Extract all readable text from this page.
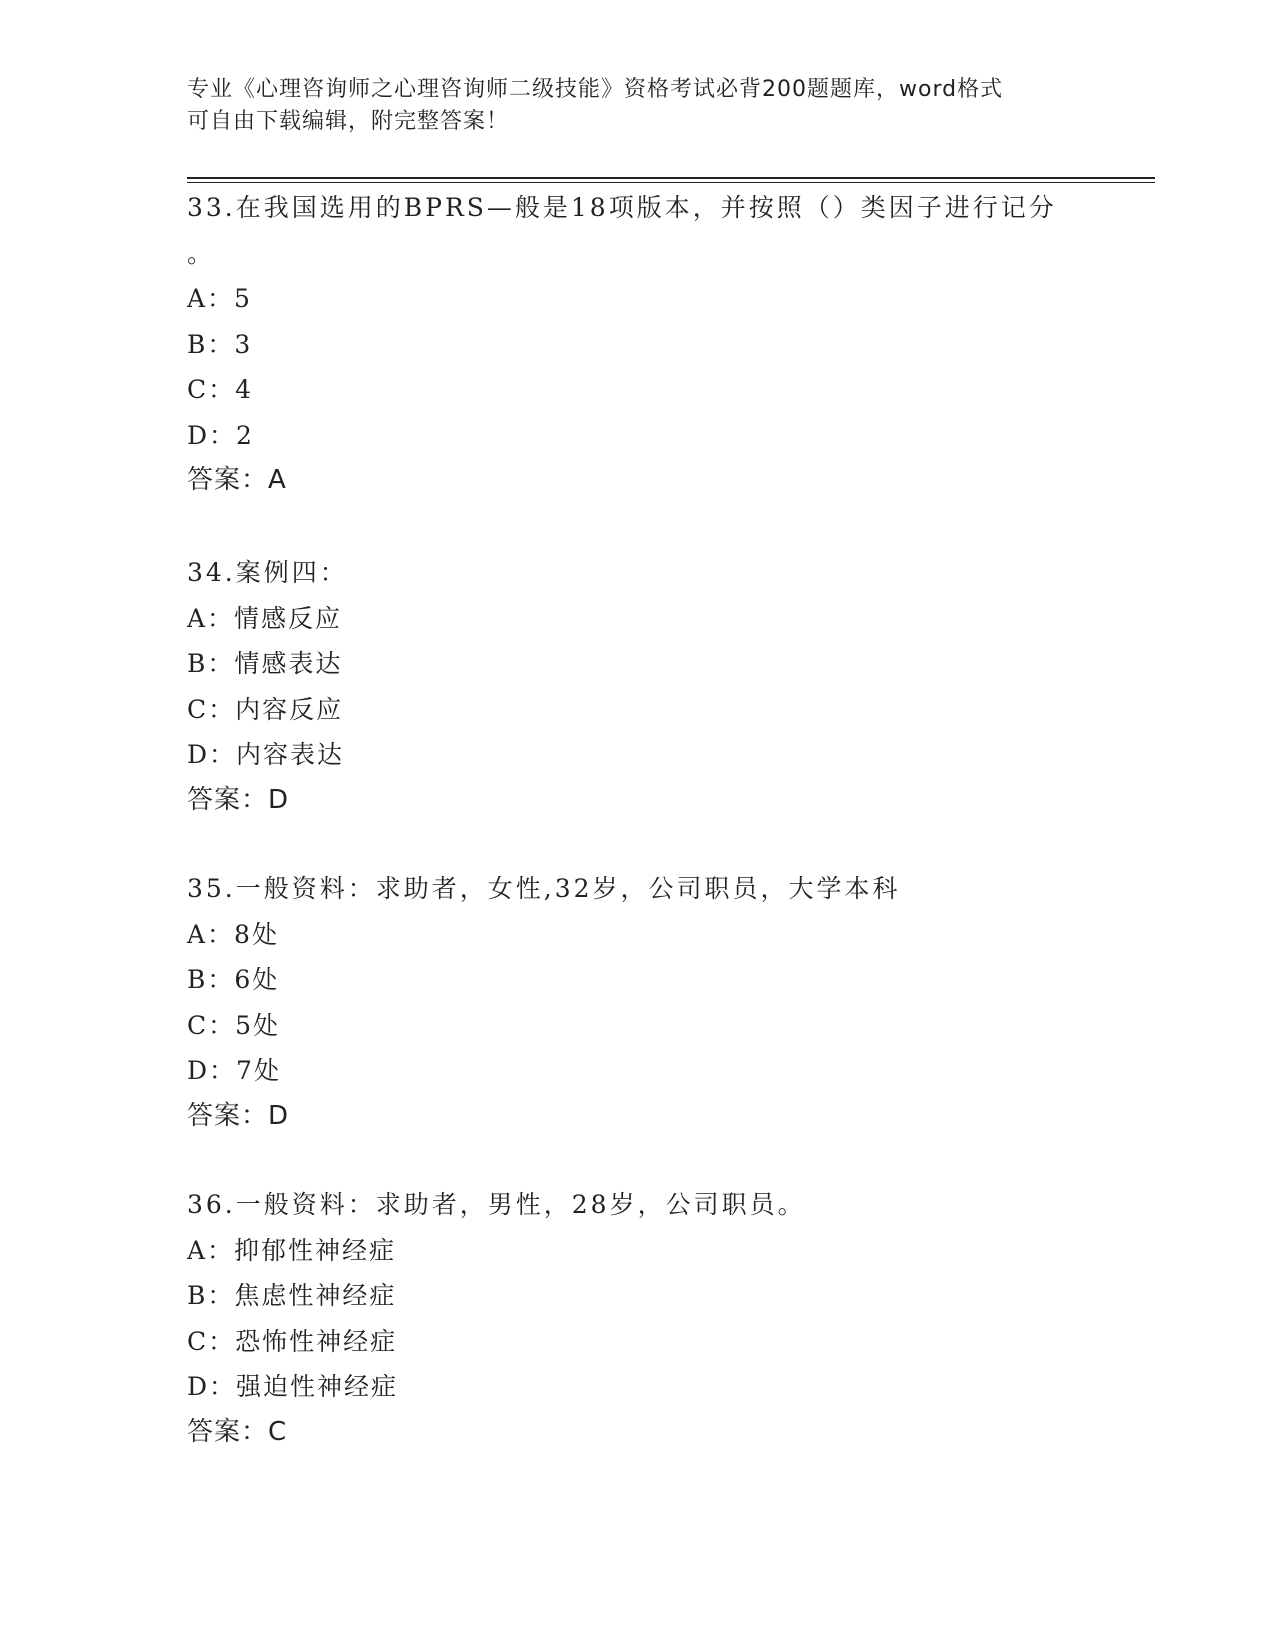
专业《心理咨询师之心理咨询师二级技能》资格考试必背200题题库，word格式
可自由下载编辑，附完整答案！
33.在我国选用的BPRS—般是18项版本，并按照（）类因子进行记分
。
A：5
B：3
C：4
D：2
答案：A
34.案例四：
A：情感反应
B：情感表达
C：内容反应
D：内容表达
答案：D
35.一般资料：求助者，女性,32岁，公司职员，大学本科
A：8处
B：6处
C：5处
D：7处
答案：D
36.一般资料：求助者，男性，28岁，公司职员。
A：抑郁性神经症
B：焦虑性神经症
C：恐怖性神经症
D：强迫性神经症
答案：C
